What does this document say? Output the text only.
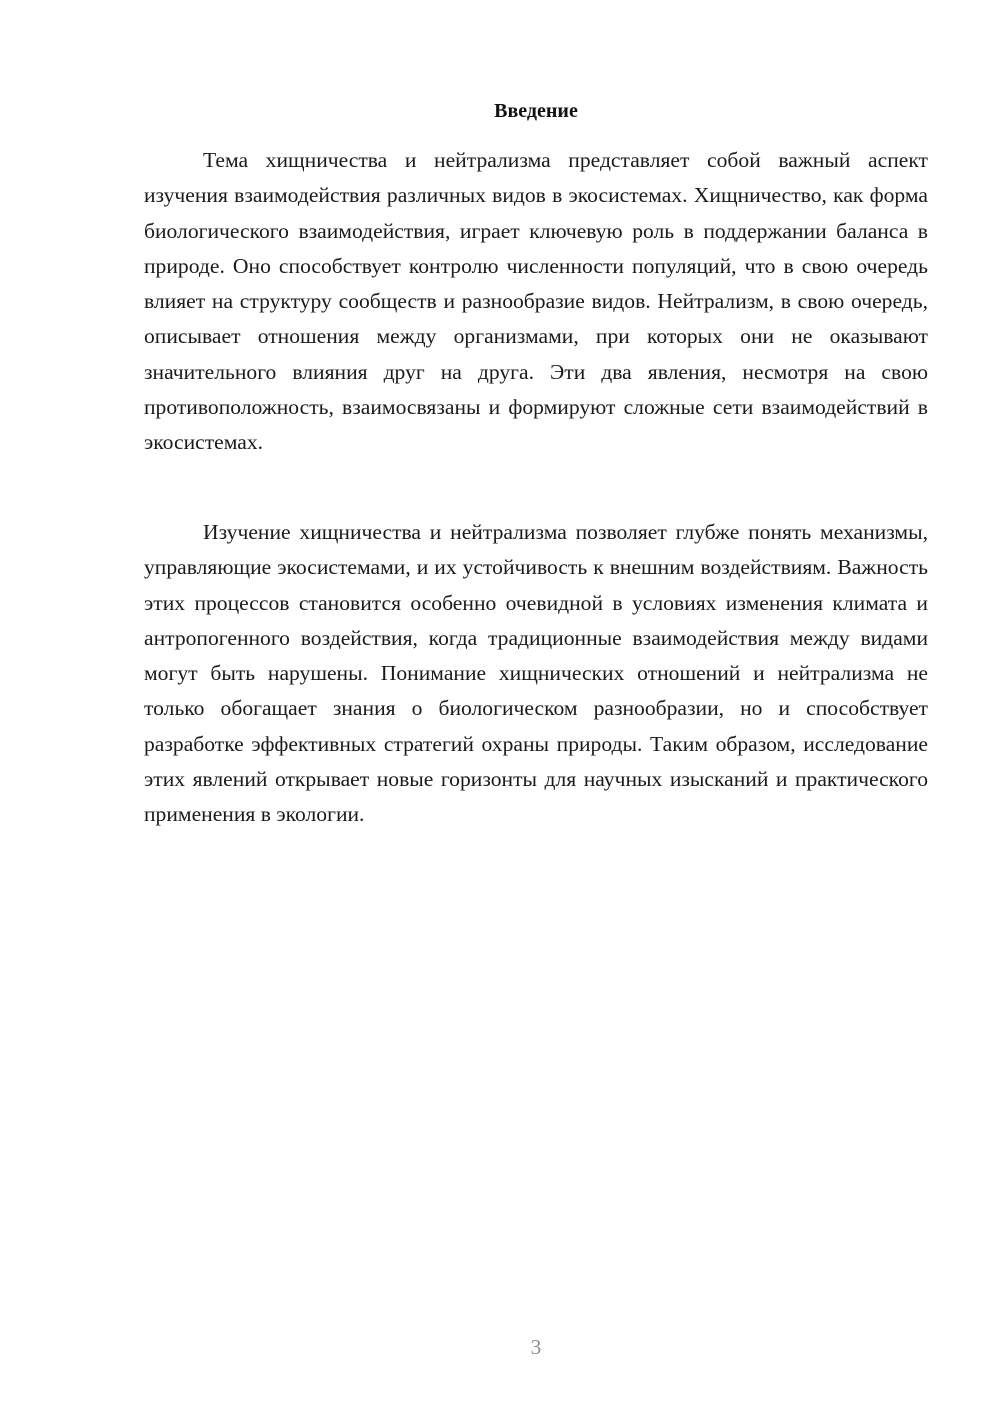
Введение

Тема хищничества и нейтрализма представляет собой важный аспект изучения взаимодействия различных видов в экосистемах. Хищничество, как форма биологического взаимодействия, играет ключевую роль в поддержании баланса в природе. Оно способствует контролю численности популяций, что в свою очередь влияет на структуру сообществ и разнообразие видов. Нейтрализм, в свою очередь, описывает отношения между организмами, при которых они не оказывают значительного влияния друг на друга. Эти два явления, несмотря на свою противоположность, взаимосвязаны и формируют сложные сети взаимодействий в экосистемах.

Изучение хищничества и нейтрализма позволяет глубже понять механизмы, управляющие экосистемами, и их устойчивость к внешним воздействиям. Важность этих процессов становится особенно очевидной в условиях изменения климата и антропогенного воздействия, когда традиционные взаимодействия между видами могут быть нарушены. Понимание хищнических отношений и нейтрализма не только обогащает знания о биологическом разнообразии, но и способствует разработке эффективных стратегий охраны природы. Таким образом, исследование этих явлений открывает новые горизонты для научных изысканий и практического применения в экологии.

3
